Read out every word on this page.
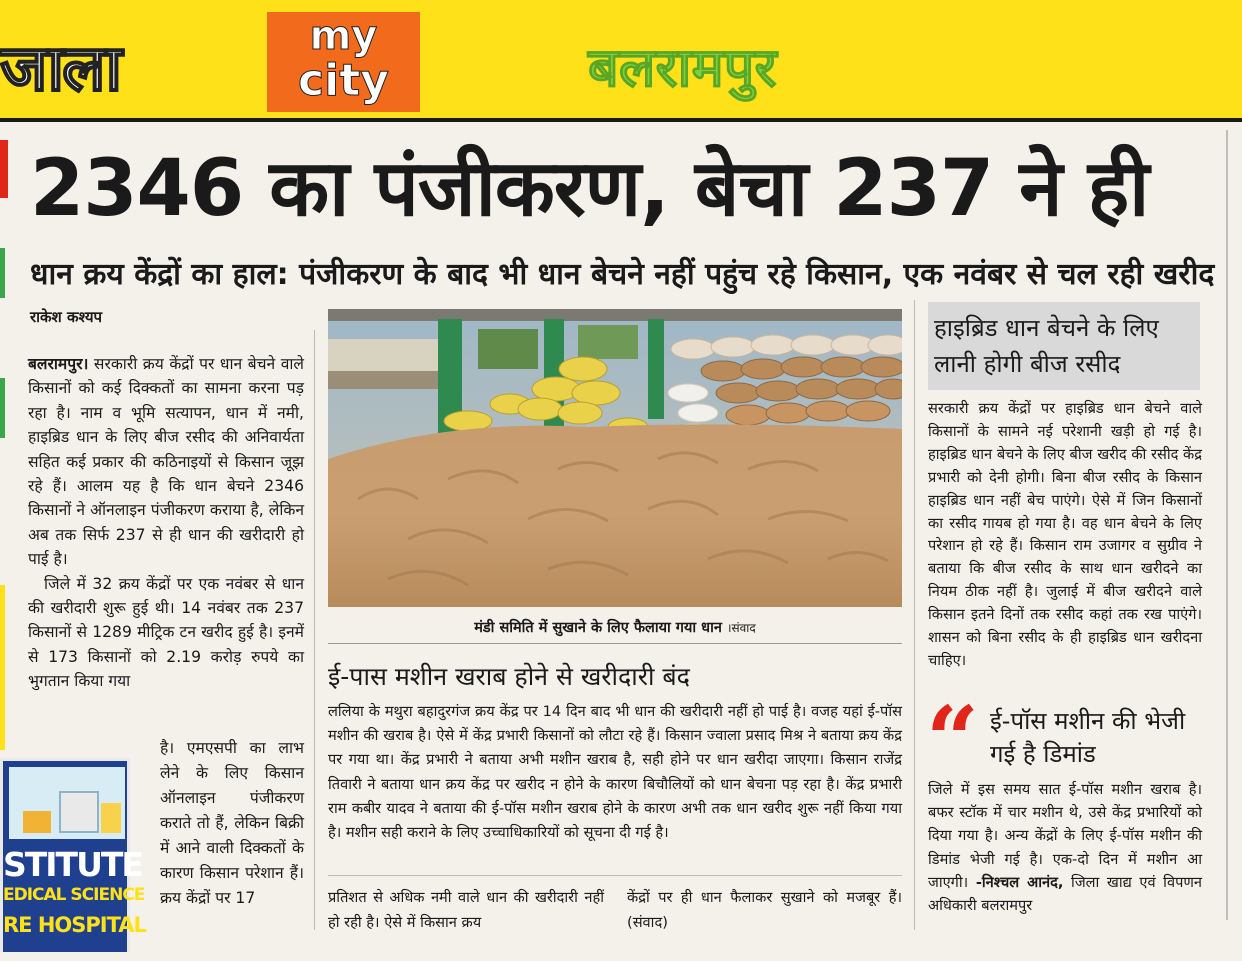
जाला	my
city	बलरामपुर
2346 का पंजीकरण, बेचा 237 ने ही
धान क्रय केंद्रों का हाल: पंजीकरण के बाद भी धान बेचने नहीं पहुंच रहे किसान, एक नवंबर से चल रही खरीद
राकेश कश्यप
बलरामपुर। सरकारी क्रय केंद्रों पर धान बेचने वाले किसानों को कई दिक्कतों का सामना करना पड़ रहा है। नाम व भूमि सत्यापन, धान में नमी, हाइब्रिड धान के लिए बीज रसीद की अनिवार्यता सहित कई प्रकार की कठिनाइयों से किसान जूझ रहे हैं। आलम यह है कि धान बेचने 2346 किसानों ने ऑनलाइन पंजीकरण कराया है, लेकिन अब तक सिर्फ 237 से ही धान की खरीदारी हो पाई है।
जिले में 32 क्रय केंद्रों पर एक नवंबर से धान की खरीदारी शुरू हुई थी। 14 नवंबर तक 237 किसानों से 1289 मीट्रिक टन खरीद हुई है। इनमें से 173 किसानों को 2.19 करोड़ रुपये का भुगतान किया गया
है। एमएसपी का लाभ लेने के लिए किसान ऑनलाइन पंजीकरण कराते तो हैं, लेकिन बिक्री में आने वाली दिक्कतों के कारण किसान परेशान हैं। क्रय केंद्रों पर 17
STITUTE
EDICAL SCIENCE
RE HOSPITAL
मंडी समिति में सुखाने के लिए फैलाया गया धान ।संवाद
ई-पास मशीन खराब होने से खरीदारी बंद
ललिया के मथुरा बहादुरगंज क्रय केंद्र पर 14 दिन बाद भी धान की खरीदारी नहीं हो पाई है। वजह यहां ई-पॉस मशीन की खराब है। ऐसे में केंद्र प्रभारी किसानों को लौटा रहे हैं। किसान ज्वाला प्रसाद मिश्र ने बताया क्रय केंद्र पर गया था। केंद्र प्रभारी ने बताया अभी मशीन खराब है, सही होने पर धान खरीदा जाएगा। किसान राजेंद्र तिवारी ने बताया धान क्रय केंद्र पर खरीद न होने के कारण बिचौलियों को धान बेचना पड़ रहा है। केंद्र प्रभारी राम कबीर यादव ने बताया की ई-पॉस मशीन खराब होने के कारण अभी तक धान खरीद शुरू नहीं किया गया है। मशीन सही कराने के लिए उच्चाधिकारियों को सूचना दी गई है।
प्रतिशत से अधिक नमी वाले धान की खरीदारी नहीं हो रही है। ऐसे में किसान क्रय
केंद्रों पर ही धान फैलाकर सुखाने को मजबूर हैं। (संवाद)
हाइब्रिड धान बेचने के लिए लानी होगी बीज रसीद
सरकारी क्रय केंद्रों पर हाइब्रिड धान बेचने वाले किसानों के सामने नई परेशानी खड़ी हो गई है। हाइब्रिड धान बेचने के लिए बीज खरीद की रसीद केंद्र प्रभारी को देनी होगी। बिना बीज रसीद के किसान हाइब्रिड धान नहीं बेच पाएंगे। ऐसे में जिन किसानों का रसीद गायब हो गया है। वह धान बेचने के लिए परेशान हो रहे हैं। किसान राम उजागर व सुग्रीव ने बताया कि बीज रसीद के साथ धान खरीदने का नियम ठीक नहीं है। जुलाई में बीज खरीदने वाले किसान इतने दिनों तक रसीद कहां तक रख पाएंगे। शासन को बिना रसीद के ही हाइब्रिड धान खरीदना चाहिए।
“ ई-पॉस मशीन की भेजी गई है डिमांड
जिले में इस समय सात ई-पॉस मशीन खराब है। बफर स्टॉक में चार मशीन थे, उसे केंद्र प्रभारियों को दिया गया है। अन्य केंद्रों के लिए ई-पॉस मशीन की डिमांड भेजी गई है। एक-दो दिन में मशीन आ जाएगी। -निश्चल आनंद, जिला खाद्य एवं विपणन अधिकारी बलरामपुर
